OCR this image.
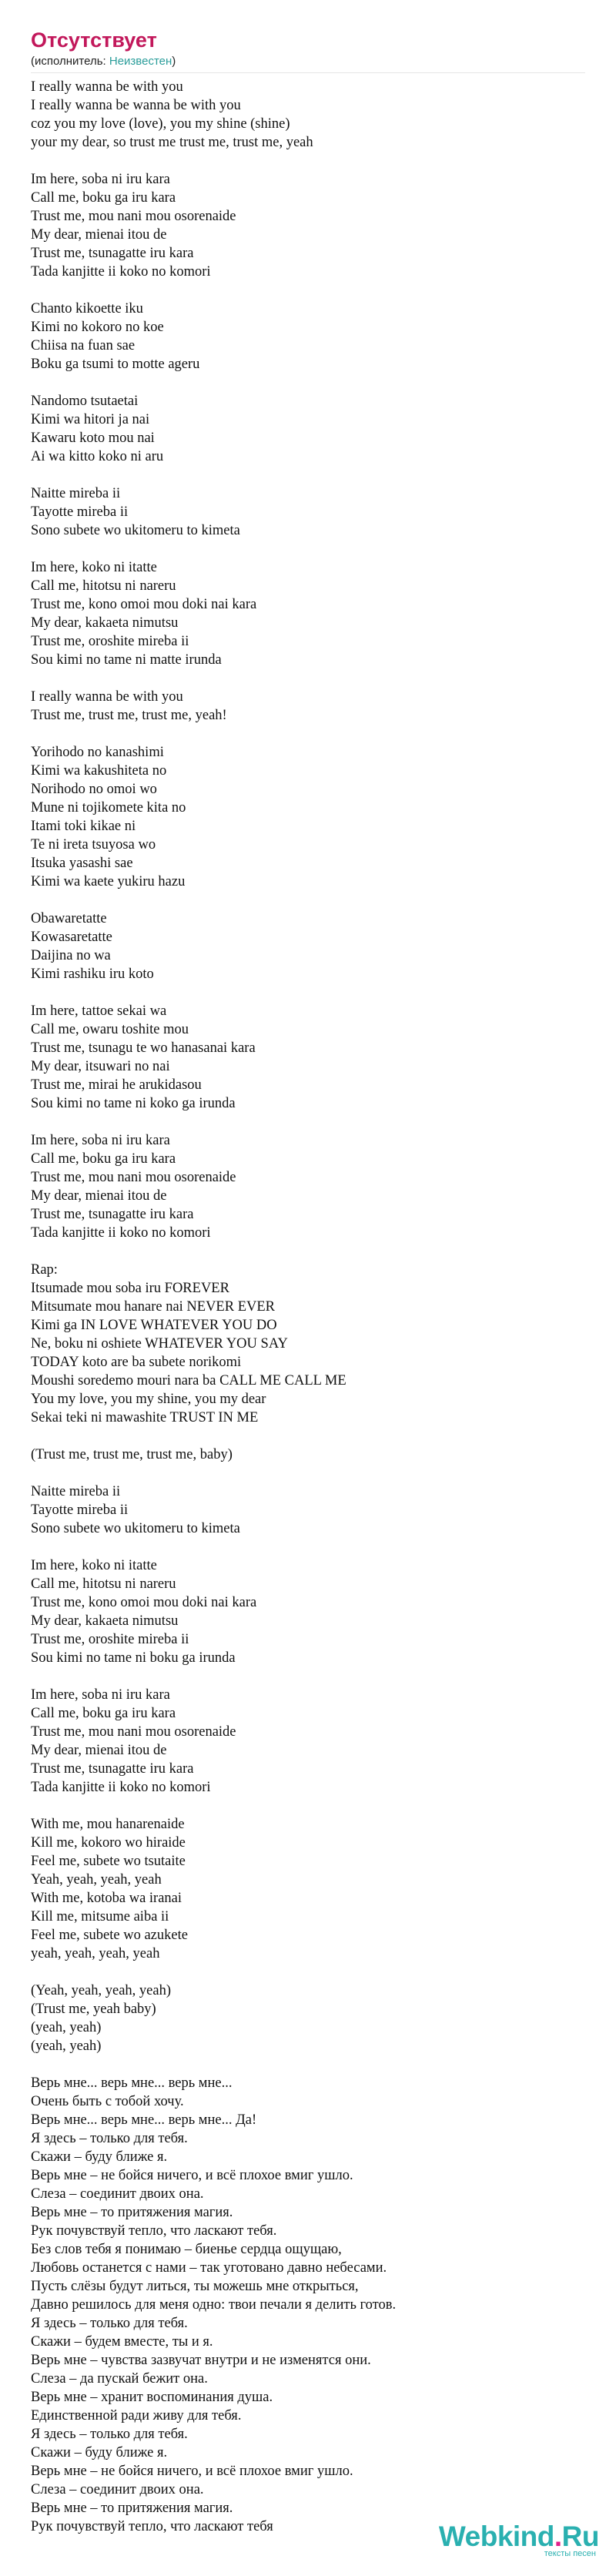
Отсутствует
(исполнитель: Неизвестен)
I really wanna be with you
I really wanna be wanna be with you
coz you my love (love), you my shine (shine)
your my dear, so trust me trust me, trust me, yeah
Im here, soba ni iru kara
Call me, boku ga iru kara
Trust me, mou nani mou osorenaide
My dear, mienai itou de
Trust me, tsunagatte iru kara
Tada kanjitte ii koko no komori
Chanto kikoette iku
Kimi no kokoro no koe
Chiisa na fuan sae
Boku ga tsumi to motte ageru
Nandomo tsutaetai
Kimi wa hitori ja nai
Kawaru koto mou nai
Ai wa kitto koko ni aru
Naitte mireba ii
Tayotte mireba ii
Sono subete wo ukitomeru to kimeta
Im here, koko ni itatte
Call me, hitotsu ni nareru
Trust me, kono omoi mou doki nai kara
My dear, kakaeta nimutsu
Trust me, oroshite mireba ii
Sou kimi no tame ni matte irunda
I really wanna be with you
Trust me, trust me, trust me, yeah!
Yorihodo no kanashimi
Kimi wa kakushiteta no
Norihodo no omoi wo
Mune ni tojikomete kita no
Itami toki kikae ni
Te ni ireta tsuyosa wo
Itsuka yasashi sae
Kimi wa kaete yukiru hazu
Obawaretatte
Kowasaretatte
Daijina no wa
Kimi rashiku iru koto
Im here, tattoe sekai wa
Call me, owaru toshite mou
Trust me, tsunagu te wo hanasanai kara
My dear, itsuwari no nai
Trust me, mirai he arukidasou
Sou kimi no tame ni koko ga irunda
Im here, soba ni iru kara
Call me, boku ga iru kara
Trust me, mou nani mou osorenaide
My dear, mienai itou de
Trust me, tsunagatte iru kara
Tada kanjitte ii koko no komori
Rap:
Itsumade mou soba iru FOREVER
Mitsumate mou hanare nai NEVER EVER
Kimi ga IN LOVE WHATEVER YOU DO
Ne, boku ni oshiete WHATEVER YOU SAY
TODAY koto are ba subete norikomi
Moushi soredemo mouri nara ba CALL ME CALL ME
You my love, you my shine, you my dear
Sekai teki ni mawashite TRUST IN ME
(Trust me, trust me, trust me, baby)
Naitte mireba ii
Tayotte mireba ii
Sono subete wo ukitomeru to kimeta
Im here, koko ni itatte
Call me, hitotsu ni nareru
Trust me, kono omoi mou doki nai kara
My dear, kakaeta nimutsu
Trust me, oroshite mireba ii
Sou kimi no tame ni boku ga irunda
Im here, soba ni iru kara
Call me, boku ga iru kara
Trust me, mou nani mou osorenaide
My dear, mienai itou de
Trust me, tsunagatte iru kara
Tada kanjitte ii koko no komori
With me, mou hanarenaide
Kill me, kokoro wo hiraide
Feel me, subete wo tsutaite
Yeah, yeah, yeah, yeah
With me, kotoba wa iranai
Kill me, mitsume aiba ii
Feel me, subete wo azukete
yeah, yeah, yeah, yeah
(Yeah, yeah, yeah, yeah)
(Trust me, yeah baby)
(yeah, yeah)
(yeah, yeah)
Верь мне... верь мне... верь мне...
Очень быть с тобой хочу.
Верь мне... верь мне... верь мне... Да!
Я здесь – только для тебя.
Скажи – буду ближе я.
Верь мне – не бойся ничего, и всё плохое вмиг ушло.
Слеза – соединит двоих она.
Верь мне – то притяжения магия.
Рук почувствуй тепло, что ласкают тебя.
Без слов тебя я понимаю – биенье сердца ощущаю,
Любовь останется с нами – так уготовано давно небесами.
Пусть слёзы будут литься, ты можешь мне открыться,
Давно решилось для меня одно: твои печали я делить готов.
Я здесь – только для тебя.
Скажи – будем вместе, ты и я.
Верь мне – чувства зазвучат внутри и не изменятся они.
Слеза – да пускай бежит она.
Верь мне – хранит воспоминания душа.
Единственной ради живу для тебя.
Я здесь – только для тебя.
Скажи – буду ближе я.
Верь мне – не бойся ничего, и всё плохое вмиг ушло.
Слеза – соединит двоих она.
Верь мне – то притяжения магия.
Рук почувствуй тепло, что ласкают тебя	Webkind.Ru
тексты песен
